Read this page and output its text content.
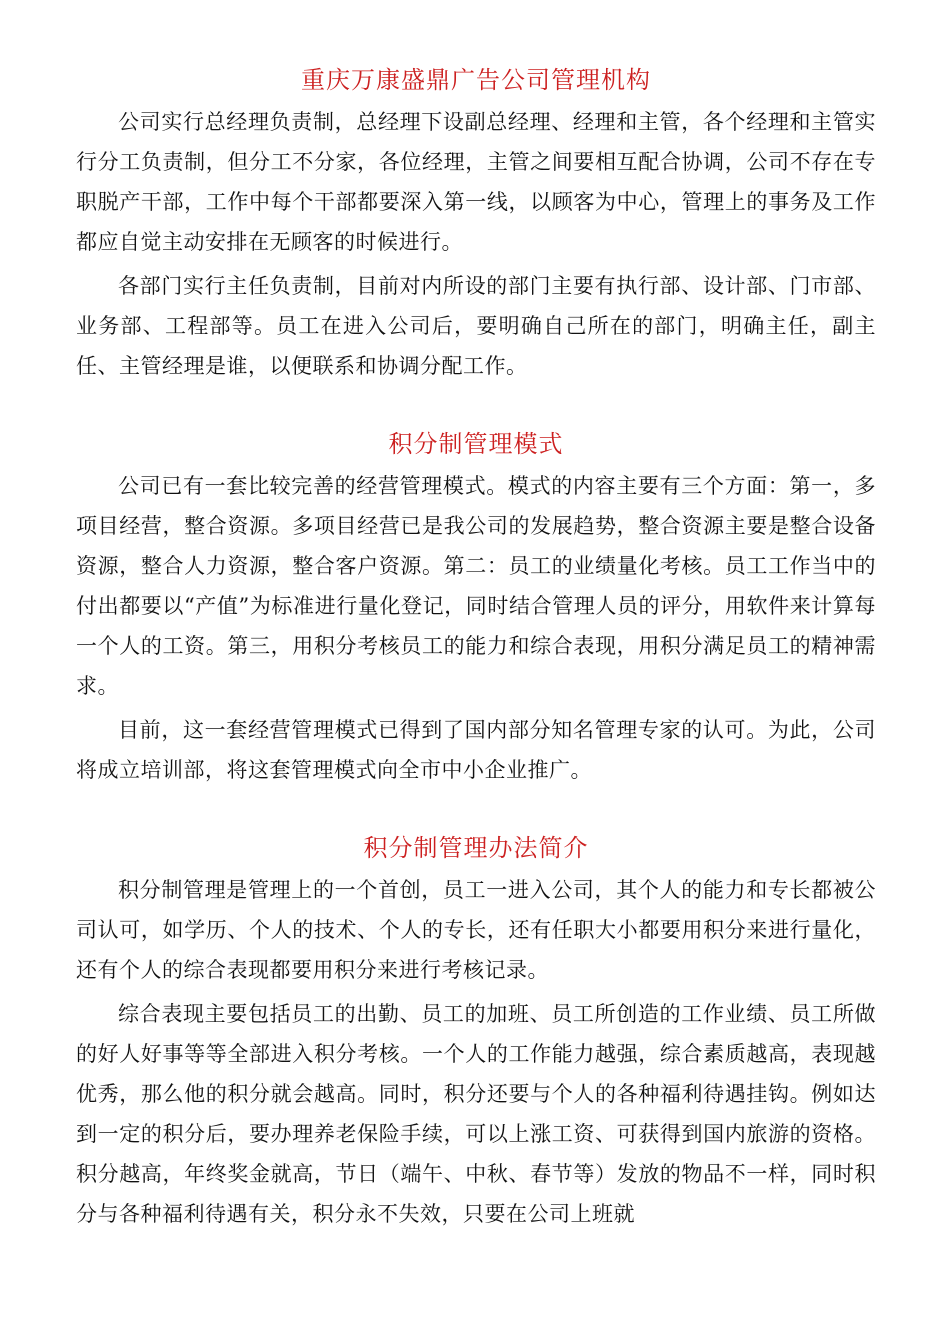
重庆万康盛鼎广告公司管理机构

公司实行总经理负责制，总经理下设副总经理、经理和主管，各个经理和主管实行分工负责制，但分工不分家，各位经理，主管之间要相互配合协调，公司不存在专职脱产干部，工作中每个干部都要深入第一线，以顾客为中心，管理上的事务及工作都应自觉主动安排在无顾客的时候进行。

各部门实行主任负责制，目前对内所设的部门主要有执行部、设计部、门市部、业务部、工程部等。员工在进入公司后，要明确自己所在的部门，明确主任，副主任、主管经理是谁，以便联系和协调分配工作。

积分制管理模式

公司已有一套比较完善的经营管理模式。模式的内容主要有三个方面：第一，多项目经营，整合资源。多项目经营已是我公司的发展趋势，整合资源主要是整合设备资源，整合人力资源，整合客户资源。第二：员工的业绩量化考核。员工工作当中的付出都要以“产值”为标准进行量化登记，同时结合管理人员的评分，用软件来计算每一个人的工资。第三，用积分考核员工的能力和综合表现，用积分满足员工的精神需求。

目前，这一套经营管理模式已得到了国内部分知名管理专家的认可。为此，公司将成立培训部，将这套管理模式向全市中小企业推广。

积分制管理办法简介

积分制管理是管理上的一个首创，员工一进入公司，其个人的能力和专长都被公司认可，如学历、个人的技术、个人的专长，还有任职大小都要用积分来进行量化，还有个人的综合表现都要用积分来进行考核记录。

综合表现主要包括员工的出勤、员工的加班、员工所创造的工作业绩、员工所做的好人好事等等全部进入积分考核。一个人的工作能力越强，综合素质越高，表现越优秀，那么他的积分就会越高。同时，积分还要与个人的各种福利待遇挂钩。例如达到一定的积分后，要办理养老保险手续，可以上涨工资、可获得到国内旅游的资格。积分越高，年终奖金就高，节日（端午、中秋、春节等）发放的物品不一样，同时积分与各种福利待遇有关，积分永不失效，只要在公司上班就
